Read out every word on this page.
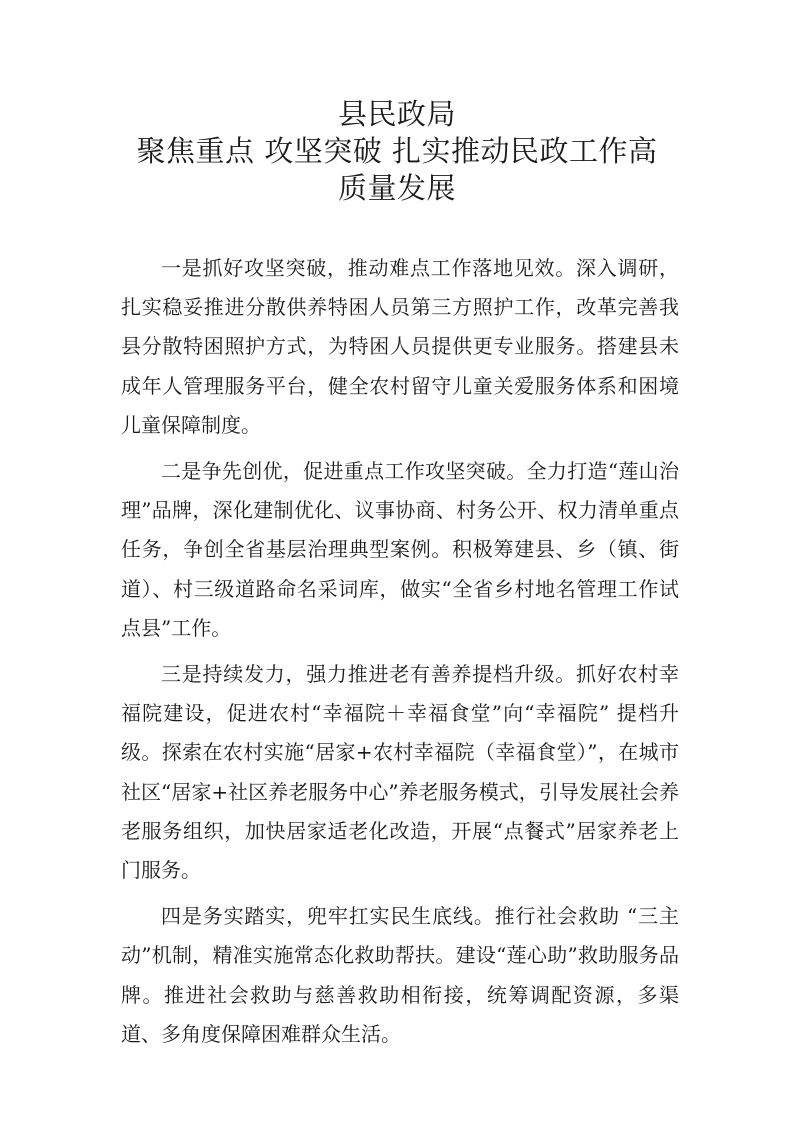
县民政局

聚焦重点 攻坚突破 扎实推动民政工作高

质量发展

一是抓好攻坚突破，推动难点工作落地见效。深入调研，扎实稳妥推进分散供养特困人员第三方照护工作，改革完善我县分散特困照护方式，为特困人员提供更专业服务。搭建县未成年人管理服务平台，健全农村留守儿童关爱服务体系和困境儿童保障制度。

二是争先创优，促进重点工作攻坚突破。全力打造“莲山治理”品牌，深化建制优化、议事协商、村务公开、权力清单重点任务，争创全省基层治理典型案例。积极筹建县、乡（镇、街道）、村三级道路命名采词库，做实“全省乡村地名管理工作试点县”工作。

三是持续发力，强力推进老有善养提档升级。抓好农村幸福院建设，促进农村“幸福院＋幸福食堂”向“幸福院” 提档升级。探索在农村实施“居家+农村幸福院（幸福食堂）”，在城市社区“居家+社区养老服务中心”养老服务模式，引导发展社会养老服务组织，加快居家适老化改造，开展“点餐式”居家养老上门服务。

四是务实踏实，兜牢扛实民生底线。推行社会救助 “三主动”机制，精准实施常态化救助帮扶。建设“莲心助”救助服务品牌。推进社会救助与慈善救助相衔接，统筹调配资源，多渠道、多角度保障困难群众生活。
